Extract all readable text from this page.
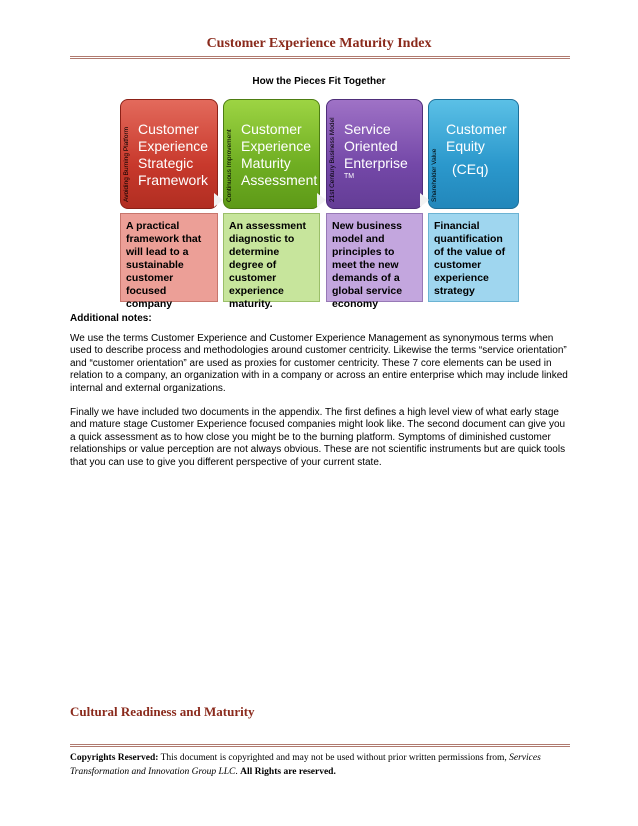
Customer Experience Maturity Index
How the Pieces Fit Together
Avoiding Burning Platform Customer Experience Strategic Framework
A practical framework that will lead to a sustainable customer focused company
Continuous Improvement
Customer Experience Maturity Assessment
An assessment diagnostic to determine degree of customer experience maturity.
21st Century Business Model Service Oriented Enterprise
TM
New business model and principles to meet the new demands of a global service economy
Shareholder Value
Customer Equity
(CEq)
Financial quantification of the value of customer experience strategy
Additional notes:
We use the terms Customer Experience and Customer Experience Management as synonymous terms when used to describe process and methodologies around customer centricity. Likewise the terms “service orientation” and “customer orientation” are used as proxies for customer centricity. These 7 core elements can be used in relation to a company, an organization with in a company or across an entire enterprise which may include linked internal and external organizations.
Finally we have included two documents in the appendix. The first defines a high level view of what early stage and mature stage Customer Experience focused companies might look like. The second document can give you a quick assessment as to how close you might be to the burning platform. Symptoms of diminished customer relationships or value perception are not always obvious. These are not scientific instruments but are quick tools that you can use to give you different perspective of your current state.
Cultural Readiness and Maturity
Copyrights Reserved: This document is copyrighted and may not be used without prior written permissions from, Services Transformation and Innovation Group LLC. All Rights are reserved.
